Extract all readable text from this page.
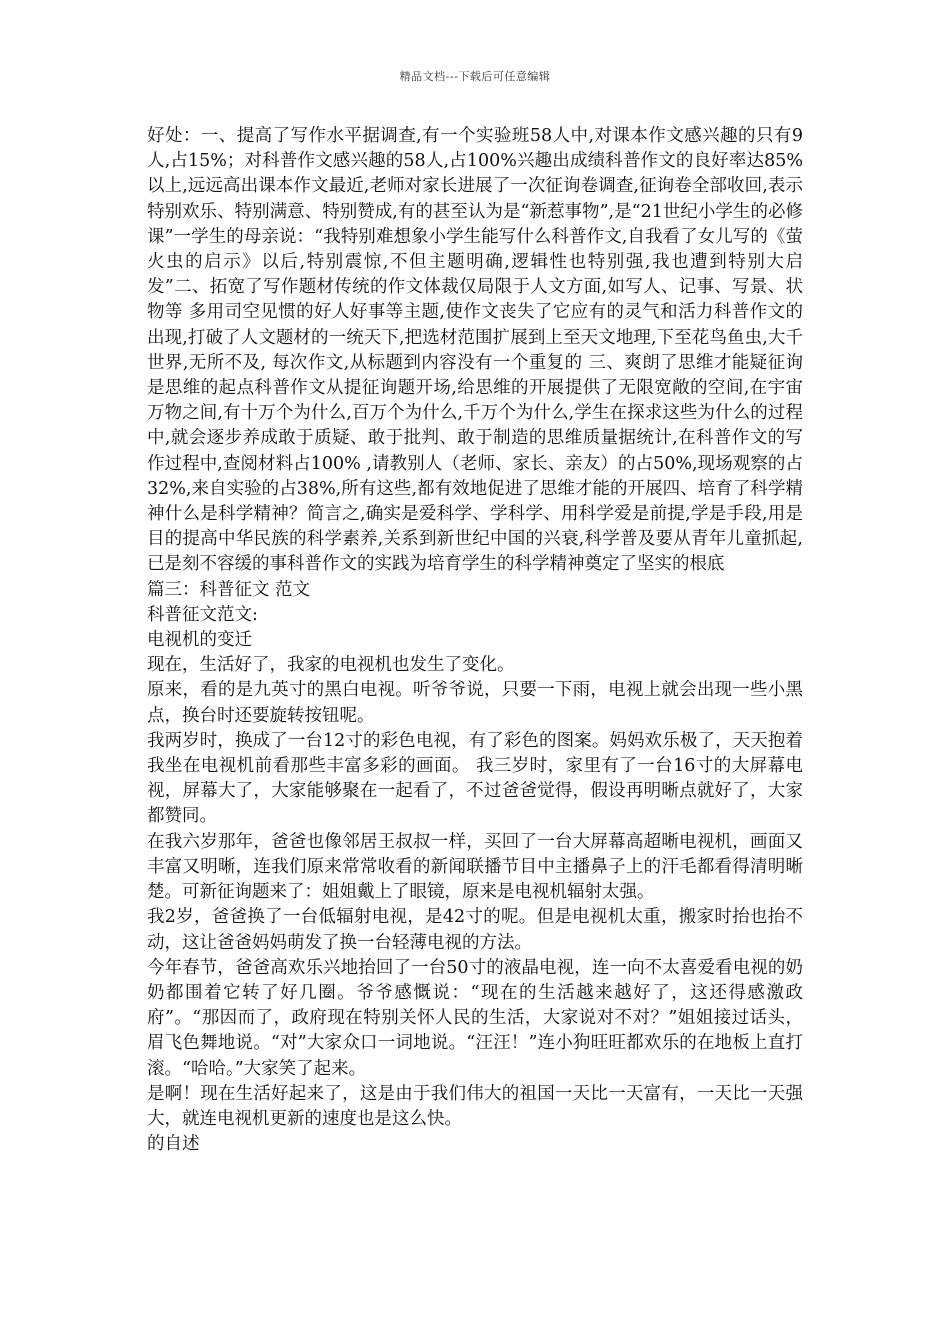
精品文档---下载后可任意编辑

好处：一、提高了写作水平据调查,有一个实验班58人中,对课本作文感兴趣的只有9人,占15%；对科普作文感兴趣的58人,占100%兴趣出成绩科普作文的良好率达85%以上,远远高出课本作文最近,老师对家长进展了一次征询卷调查,征询卷全部收回,表示特别欢乐、特别满意、特别赞成,有的甚至认为是“新惹事物”,是“21世纪小学生的必修课”一学生的母亲说：“我特别难想象小学生能写什么科普作文,自我看了女儿写的《萤火虫的启示》以后,特别震惊,不但主题明确,逻辑性也特别强,我也遭到特别大启发”二、拓宽了写作题材传统的作文体裁仅局限于人文方面,如写人、记事、写景、状物等 多用司空见惯的好人好事等主题,使作文丧失了它应有的灵气和活力科普作文的出现,打破了人文题材的一统天下,把选材范围扩展到上至天文地理,下至花鸟鱼虫,大千世界,无所不及, 每次作文,从标题到内容没有一个重复的 三、爽朗了思维才能疑征询是思维的起点科普作文从提征询题开场,给思维的开展提供了无限宽敞的空间,在宇宙万物之间,有十万个为什么,百万个为什么,千万个为什么,学生在探求这些为什么的过程中,就会逐步养成敢于质疑、敢于批判、敢于制造的思维质量据统计,在科普作文的写作过程中,查阅材料占100% ,请教别人（老师、家长、亲友）的占50%,现场观察的占32%,来自实验的占38%,所有这些,都有效地促进了思维才能的开展四、培育了科学精神什么是科学精神？简言之,确实是爱科学、学科学、用科学爱是前提,学是手段,用是目的提高中华民族的科学素养,关系到新世纪中国的兴衰,科学普及要从青年儿童抓起,已是刻不容缓的事科普作文的实践为培育学生的科学精神奠定了坚实的根底

篇三：科普征文 范文

科普征文范文:

电视机的变迁

现在，生活好了，我家的电视机也发生了变化。

原来，看的是九英寸的黑白电视。听爷爷说，只要一下雨，电视上就会出现一些小黑点，换台时还要旋转按钮呢。

我两岁时，换成了一台12寸的彩色电视，有了彩色的图案。妈妈欢乐极了，天天抱着我坐在电视机前看那些丰富多彩的画面。 我三岁时，家里有了一台16寸的大屏幕电视，屏幕大了，大家能够聚在一起看了，不过爸爸觉得，假设再明晰点就好了，大家都赞同。

在我六岁那年，爸爸也像邻居王叔叔一样，买回了一台大屏幕高超晰电视机，画面又丰富又明晰，连我们原来常常收看的新闻联播节目中主播鼻子上的汗毛都看得清明晰楚。可新征询题来了：姐姐戴上了眼镜，原来是电视机辐射太强。

我2岁，爸爸换了一台低辐射电视，是42寸的呢。但是电视机太重，搬家时抬也抬不动，这让爸爸妈妈萌发了换一台轻薄电视的方法。

今年春节，爸爸高欢乐兴地抬回了一台50寸的液晶电视，连一向不太喜爱看电视的奶奶都围着它转了好几圈。爷爷感慨说：“现在的生活越来越好了，这还得感激政府”。“那因而了，政府现在特别关怀人民的生活，大家说对不对？”姐姐接过话头，眉飞色舞地说。“对”大家众口一词地说。“汪汪！”连小狗旺旺都欢乐的在地板上直打滚。“哈哈。”大家笑了起来。

是啊！现在生活好起来了，这是由于我们伟大的祖国一天比一天富有，一天比一天强大，就连电视机更新的速度也是这么快。

的自述
